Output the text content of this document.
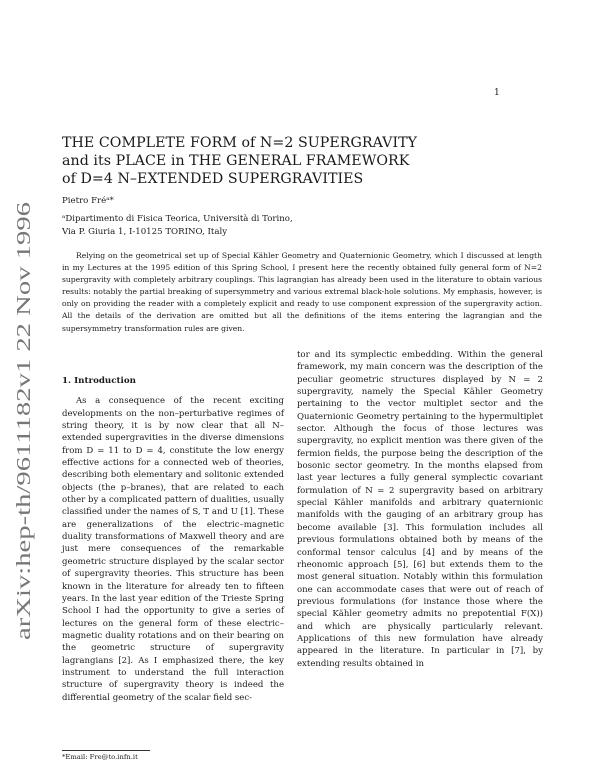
1
arXiv:hep-th/9611182v1 22 Nov 1996
THE COMPLETE FORM of N=2 SUPERGRAVITY
and its PLACE in THE GENERAL FRAMEWORK
of D=4 N–EXTENDED SUPERGRAVITIES
Pietro Fréᵃ*
ᵃDipartimento di Fisica Teorica, Università di Torino,
Via P. Giuria 1, I-10125 TORINO, Italy
Relying on the geometrical set up of Special Kähler Geometry and Quaternionic Geometry, which I discussed at length in my Lectures at the 1995 edition of this Spring School, I present here the recently obtained fully general form of N=2 supergravity with completely arbitrary couplings. This lagrangian has already been used in the literature to obtain various results: notably the partial breaking of supersymmetry and various extremal black-hole solutions. My emphasis, however, is only on providing the reader with a completely explicit and ready to use component expression of the supergravity action. All the details of the derivation are omitted but all the definitions of the items entering the lagrangian and the supersymmetry transformation rules are given.
1. Introduction
As a consequence of the recent exciting developments on the non–perturbative regimes of string theory, it is by now clear that all N–extended supergravities in the diverse dimensions from D = 11 to D = 4, constitute the low energy effective actions for a connected web of theories, describing both elementary and solitonic extended objects (the p–branes), that are related to each other by a complicated pattern of dualities, usually classified under the names of S, T and U [1]. These are generalizations of the electric–magnetic duality transformations of Maxwell theory and are just mere consequences of the remarkable geometric structure displayed by the scalar sector of supergravity theories. This structure has been known in the literature for already ten to fifteen years. In the last year edition of the Trieste Spring School I had the opportunity to give a series of lectures on the general form of these electric–magnetic duality rotations and on their bearing on the geometric structure of supergravity lagrangians [2]. As I emphasized there, the key instrument to understand the full interaction structure of supergravity theory is indeed the differential geometry of the scalar field sec-
tor and its symplectic embedding. Within the general framework, my main concern was the description of the peculiar geometric structures displayed by N = 2 supergravity, namely the Special Kähler Geometry pertaining to the vector multiplet sector and the Quaternionic Geometry pertaining to the hypermultiplet sector. Although the focus of those lectures was supergravity, no explicit mention was there given of the fermion fields, the purpose being the description of the bosonic sector geometry. In the months elapsed from last year lectures a fully general symplectic covariant formulation of N = 2 supergravity based on arbitrary special Kähler manifolds and arbitrary quaternionic manifolds with the gauging of an arbitrary group has become available [3]. This formulation includes all previous formulations obtained both by means of the conformal tensor calculus [4] and by means of the rheonomic approach [5], [6] but extends them to the most general situation. Notably within this formulation one can accommodate cases that were out of reach of previous formulations (for instance those where the special Kähler geometry admits no prepotential F(X)) and which are physically particularly relevant. Applications of this new formulation have already appeared in the literature. In particular in [7], by extending results obtained in
*Email: Fre@to.infn.it
